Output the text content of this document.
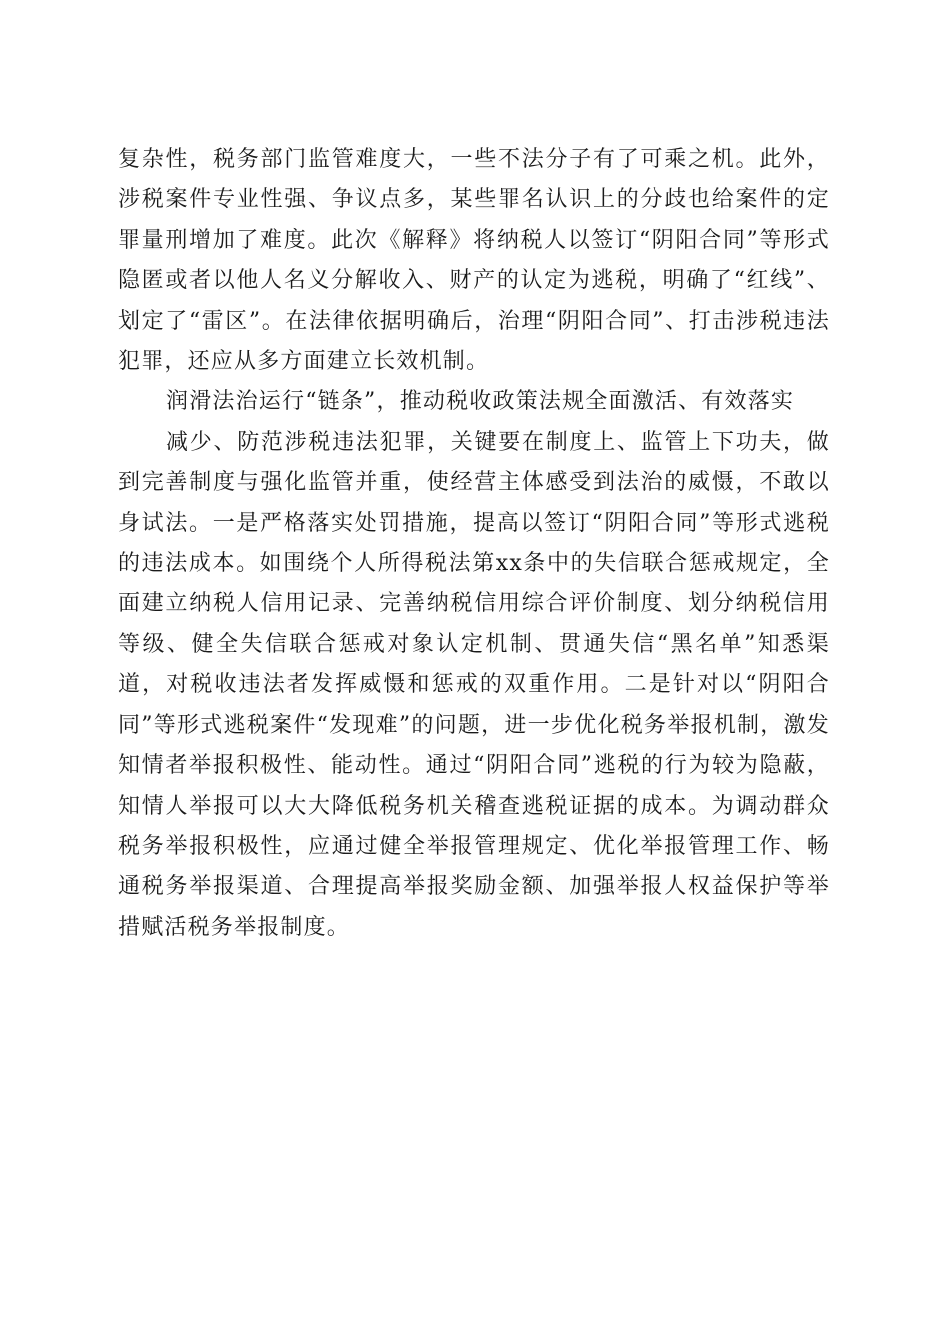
复杂性，税务部门监管难度大，一些不法分子有了可乘之机。此外，涉税案件专业性强、争议点多，某些罪名认识上的分歧也给案件的定罪量刑增加了难度。此次《解释》将纳税人以签订“阴阳合同”等形式隐匿或者以他人名义分解收入、财产的认定为逃税，明确了“红线”、划定了“雷区”。在法律依据明确后，治理“阴阳合同”、打击涉税违法犯罪，还应从多方面建立长效机制。

润滑法治运行“链条”，推动税收政策法规全面激活、有效落实

减少、防范涉税违法犯罪，关键要在制度上、监管上下功夫，做到完善制度与强化监管并重，使经营主体感受到法治的威慑，不敢以身试法。一是严格落实处罚措施，提高以签订“阴阳合同”等形式逃税的违法成本。如围绕个人所得税法第xx条中的失信联合惩戒规定，全面建立纳税人信用记录、完善纳税信用综合评价制度、划分纳税信用等级、健全失信联合惩戒对象认定机制、贯通失信“黑名单”知悉渠道，对税收违法者发挥威慑和惩戒的双重作用。二是针对以“阴阳合同”等形式逃税案件“发现难”的问题，进一步优化税务举报机制，激发知情者举报积极性、能动性。通过“阴阳合同”逃税的行为较为隐蔽，知情人举报可以大大降低税务机关稽查逃税证据的成本。为调动群众税务举报积极性，应通过健全举报管理规定、优化举报管理工作、畅通税务举报渠道、合理提高举报奖励金额、加强举报人权益保护等举措赋活税务举报制度。
